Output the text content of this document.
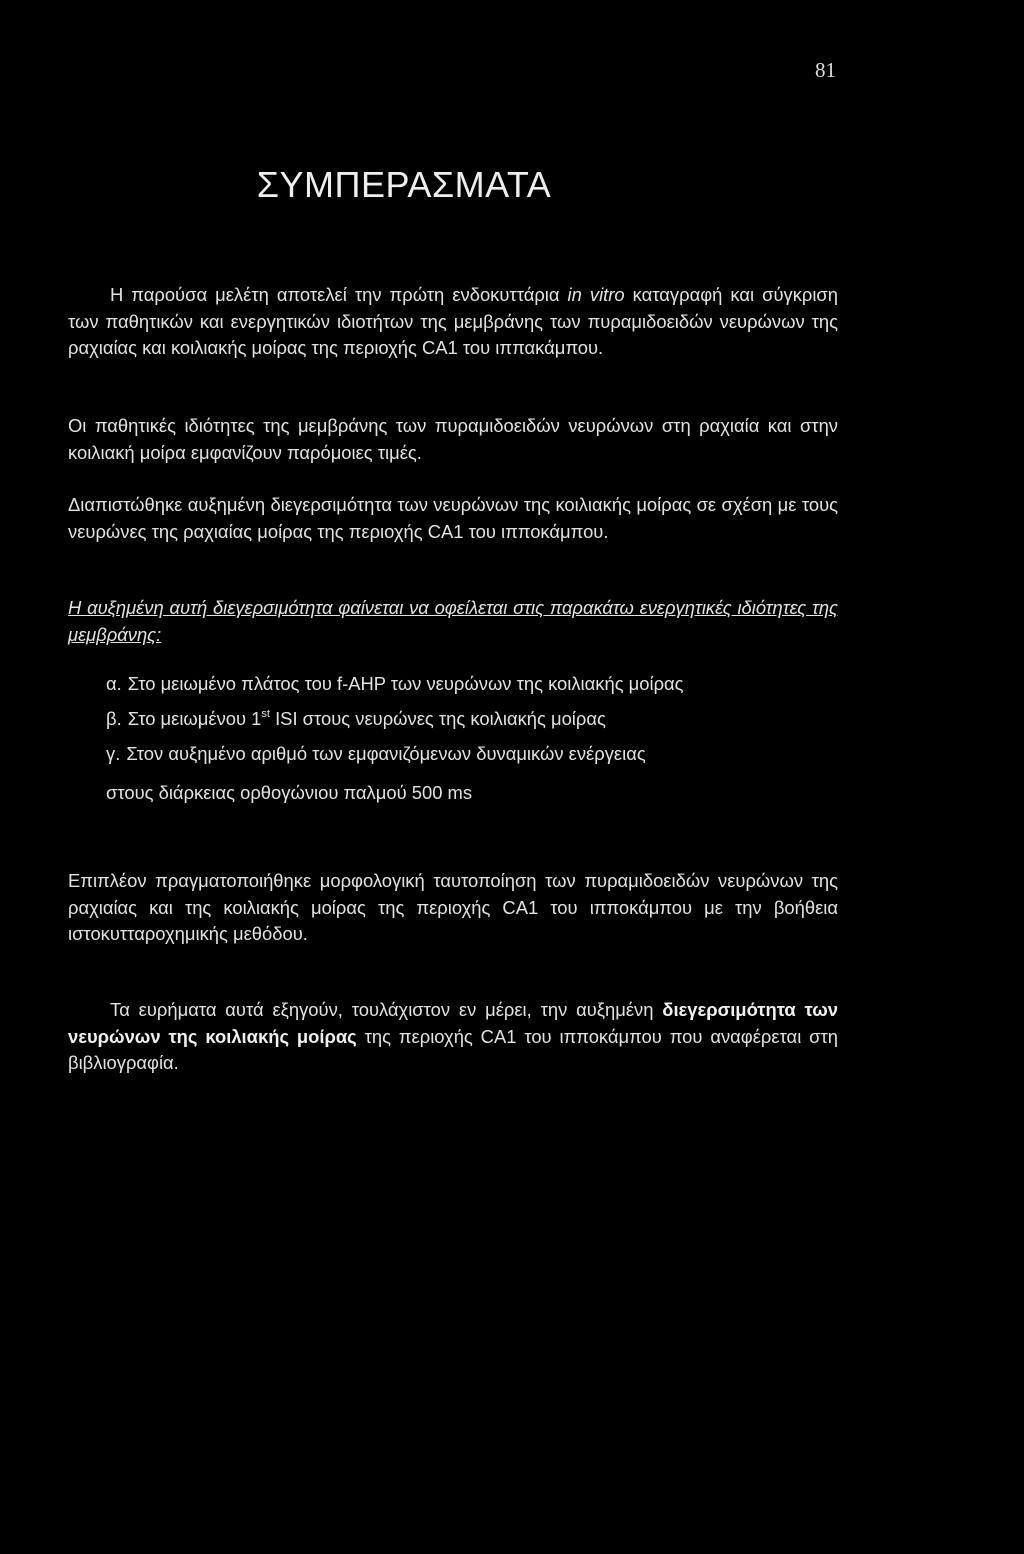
81
ΣΥΜΠΕΡΑΣΜΑΤΑ

Η παρούσα μελέτη αποτελεί την πρώτη ενδοκυττάρια in vitro καταγραφή και σύγκριση των παθητικών και ενεργητικών ιδιοτήτων της μεμβράνης των πυραμιδοειδών νευρώνων της ραχιαίας και κοιλιακής μοίρας της περιοχής CA1 του ιππακάμπου.

Οι παθητικές ιδιότητες της μεμβράνης των πυραμιδοειδών νευρώνων στη ραχιαία και στην κοιλιακή μοίρα εμφανίζουν παρόμοιες τιμές.

Διαπιστώθηκε αυξημένη διεγερσιμότητα των νευρώνων της κοιλιακής μοίρας σε σχέση με τους νευρώνες της ραχιαίας μοίρας της περιοχής CA1 του ιπποκάμπου.

Η αυξημένη αυτή διεγερσιμότητα φαίνεται να οφείλεται στις παρακάτω ενεργητικές ιδιότητες της μεμβράνης:

α. Στο μειωμένο πλάτος του f-AHP των νευρώνων της κοιλιακής μοίρας

β. Στο μειωμένου 1st ISI στους νευρώνες της κοιλιακής μοίρας

γ. Στον αυξημένο αριθμό των εμφανιζόμενων δυναμικών ενέργειας

στους διάρκειας ορθογώνιου παλμού 500 ms

Επιπλέον πραγματοποιήθηκε μορφολογική ταυτοποίηση των πυραμιδοειδών νευρώνων της ραχιαίας και της κοιλιακής μοίρας της περιοχής CA1 του ιπποκάμπου με την βοήθεια ιστοκυτταροχημικής μεθόδου.

Τα ευρήματα αυτά εξηγούν, τουλάχιστον εν μέρει, την αυξημένη διεγερσιμότητα των νευρώνων της κοιλιακής μοίρας της περιοχής CA1 του ιπποκάμπου που αναφέρεται στη βιβλιογραφία.
